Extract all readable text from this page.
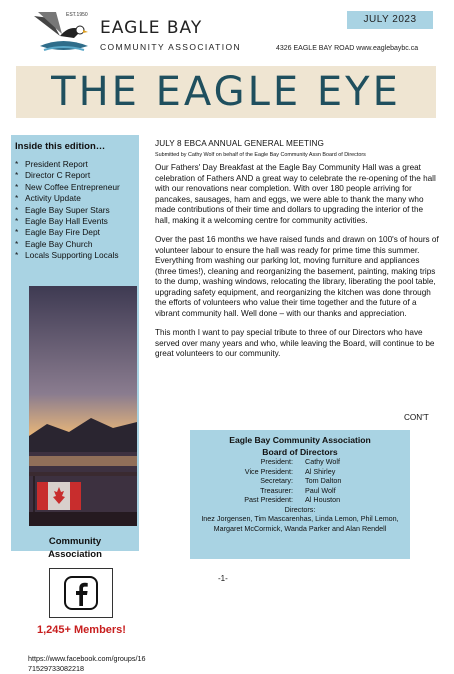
EST.1950
EAGLE BAY
COMMUNITY ASSOCIATION
JULY 2023
4326 EAGLE BAY ROAD www.eaglebaybc.ca
THE EAGLE EYE
Inside this edition…
* President Report
* Director C Report
* New Coffee Entrepreneur
* Activity Update
* Eagle Bay Super Stars
* Eagle Bay Hall Events
* Eagle Bay Fire Dept
* Eagle Bay Church
* Locals Supporting Locals
Community Association
1,245+ Members!
https://www.facebook.com/groups/1671529733082218
JULY 8 EBCA ANNUAL GENERAL MEETING
Submitted by Cathy Wolf on behalf of the Eagle Bay Community Assn Board of Directors

Our Fathers' Day Breakfast at the Eagle Bay Community Hall was a great celebration of Fathers AND a great way to celebrate the re-opening of the hall with our renovations near completion. With over 180 people arriving for pancakes, sausages, ham and eggs, we were able to thank the many who made contributions of their time and dollars to upgrading the interior of the hall, making it a welcoming centre for community activities.

Over the past 16 months we have raised funds and drawn on 100's of hours of volunteer labour to ensure the hall was ready for prime time this summer. Everything from washing our parking lot, moving furniture and appliances (three times!), cleaning and reorganizing the basement, painting, making trips to the dump, washing windows, relocating the library, liberating the pool table, upgrading safety equipment, and reorganizing the kitchen was done through the efforts of volunteers who value their time together and the future of a vibrant community hall. Well done – with our thanks and appreciation.

This month I want to pay special tribute to three of our Directors who have served over many years and who, while leaving the Board, will continue to be great volunteers to our community.

CON'T
Eagle Bay Community Association
Board of Directors
President:	Cathy Wolf
Vice President:	Al Shirley
Secretary:	Tom Dalton
Treasurer:	Paul Wolf
Past President:	Al Houston
Directors:
Inez Jorgensen, Tim Mascarenhas, Linda Lemon, Phil Lemon, Margaret McCormick, Wanda Parker and Alan Rendell
-1-
